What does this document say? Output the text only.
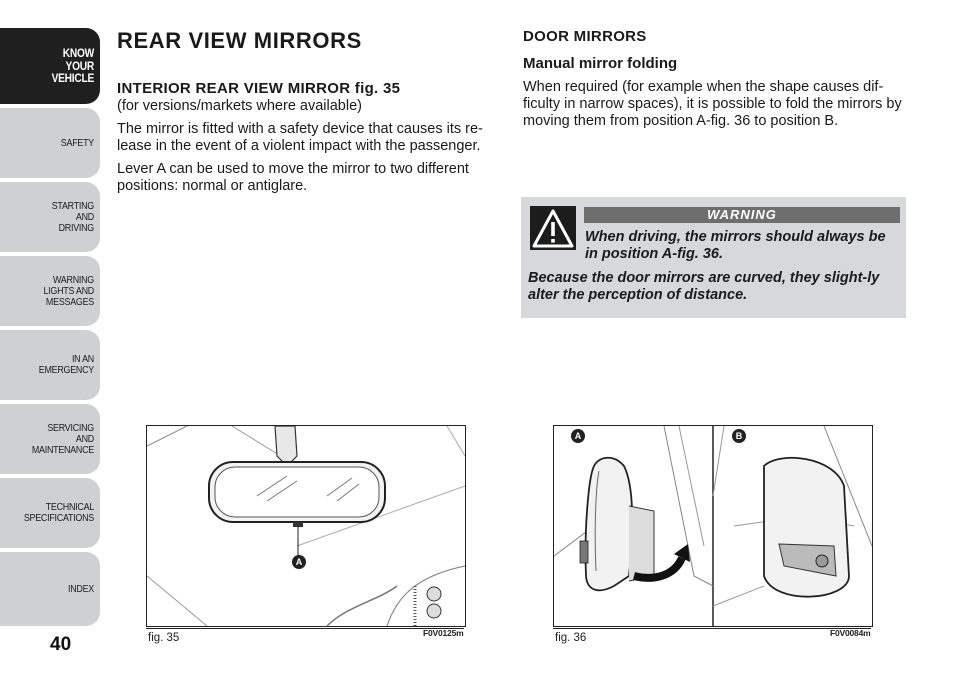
KNOW
YOUR
VEHICLE
SAFETY
STARTING
AND
DRIVING
WARNING
LIGHTS AND
MESSAGES
IN AN
EMERGENCY
SERVICING
AND
MAINTENANCE
TECHNICAL
SPECIFICATIONS
INDEX
40
REAR VIEW MIRRORS
INTERIOR REAR VIEW MIRROR fig. 35

(for versions/markets where available)

The mirror is fitted with a safety device that causes its re-lease in the event of a violent impact with the passenger.

Lever A can be used to move the mirror to two different positions: normal or antiglare.

DOOR MIRRORS
Manual mirror folding

When required (for example when the shape causes dif-ficulty in narrow spaces), it is possible to fold the mirrors by moving them from position A-fig. 36 to position B.

WARNING
When driving, the mirrors should always be in position A-fig. 36.
Because the door mirrors are curved, they slight-ly alter the perception of distance.
A
fig. 35	F0V0125m
A	B
fig. 36	F0V0084m
